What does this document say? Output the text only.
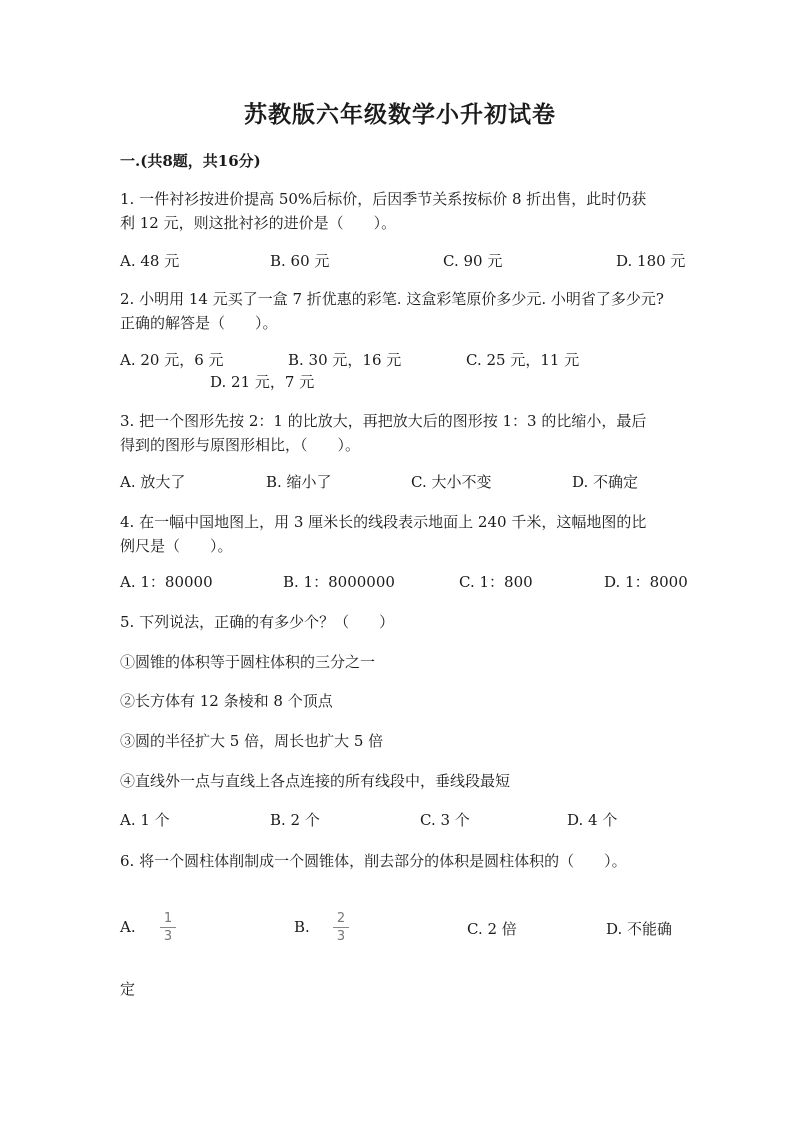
苏教版六年级数学小升初试卷
一.(共8题，共16分)
1. 一件衬衫按进价提高 50%后标价，后因季节关系按标价 8 折出售，此时仍获
利 12 元，则这批衬衫的进价是（　　）。
A. 48 元	B. 60 元	C. 90 元	D. 180 元
2. 小明用 14 元买了一盒 7 折优惠的彩笔. 这盒彩笔原价多少元. 小明省了多少元?
正确的解答是（　　）。
A. 20 元，6 元	B. 30 元，16 元	C. 25 元，11 元
D. 21 元，7 元
3. 把一个图形先按 2：1 的比放大，再把放大后的图形按 1：3 的比缩小，最后
得到的图形与原图形相比，（　　）。
A. 放大了	B. 缩小了	C. 大小不变	D. 不确定
4. 在一幅中国地图上，用 3 厘米长的线段表示地面上 240 千米，这幅地图的比
例尺是（　　）。
A. 1：80000	B. 1：8000000	C. 1：800	D. 1：8000
5. 下列说法，正确的有多少个？（　　）
①圆锥的体积等于圆柱体积的三分之一
②长方体有 12 条棱和 8 个顶点
③圆的半径扩大 5 倍，周长也扩大 5 倍
④直线外一点与直线上各点连接的所有线段中，垂线段最短
A. 1 个	B. 2 个	C. 3 个	D. 4 个
6. 将一个圆柱体削制成一个圆锥体，削去部分的体积是圆柱体积的（　　）。
A. 1
3
B. 2
3	C. 2 倍	D. 不能确
定
